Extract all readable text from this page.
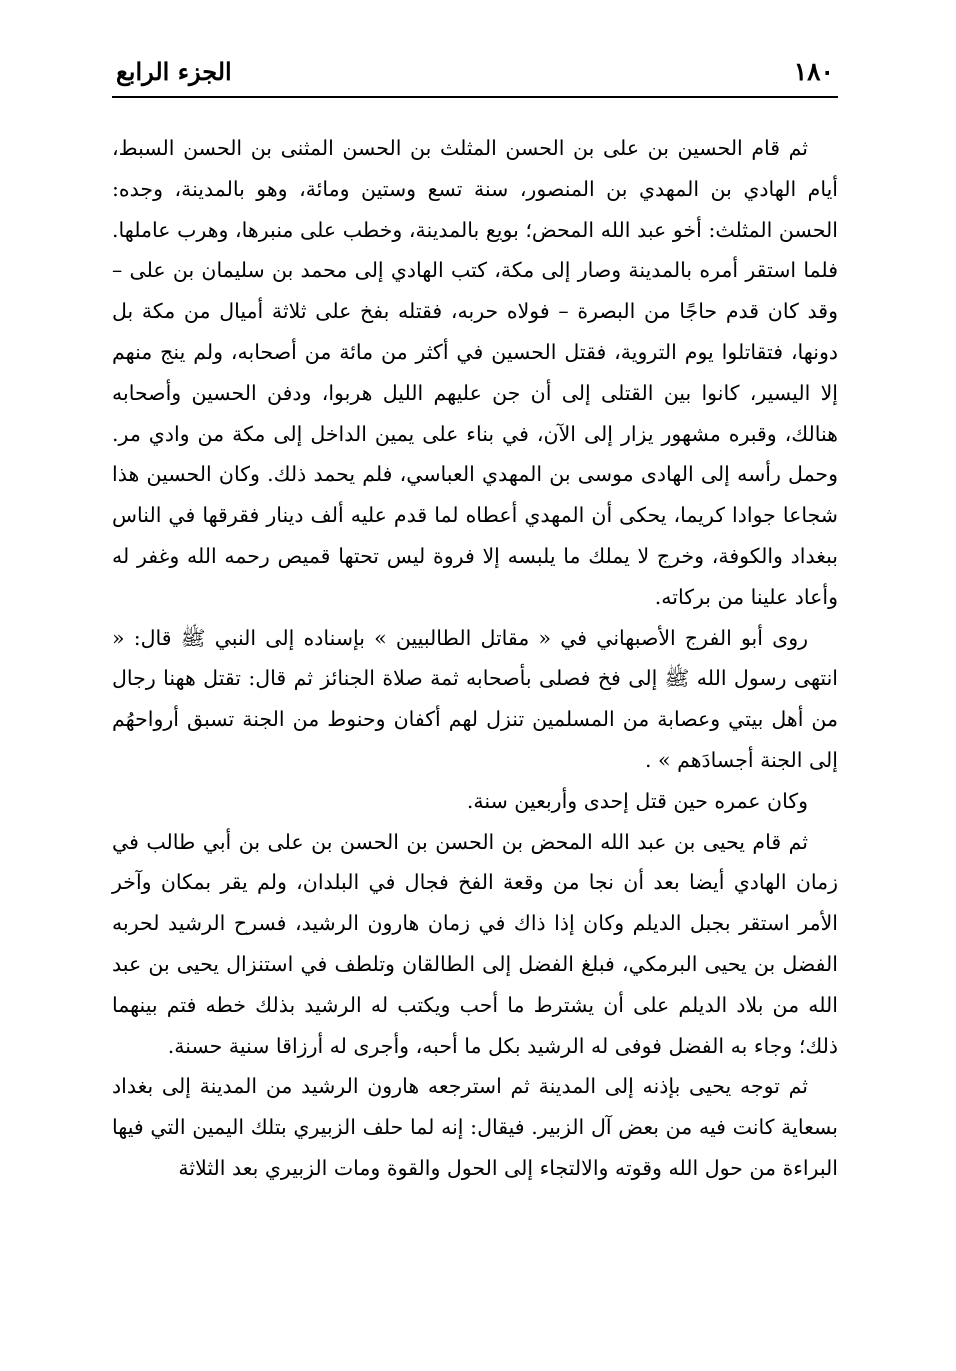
١٨٠
الجزء الرابع

ثم قام الحسين بن على بن الحسن المثلث بن الحسن المثنى بن الحسن السبط، أيام الهادي بن المهدي بن المنصور، سنة تسع وستين ومائة، وهو بالمدينة، وجده: الحسن المثلث: أخو عبد الله المحض؛ بويع بالمدينة، وخطب على منبرها، وهرب عاملها. فلما استقر أمره بالمدينة وصار إلى مكة، كتب الهادي إلى محمد بن سليمان بن على – وقد كان قدم حاجًا من البصرة – فولاه حربه، فقتله بفخ على ثلاثة أميال من مكة بل دونها، فتقاتلوا يوم التروية، فقتل الحسين في أكثر من مائة من أصحابه، ولم ينج منهم إلا اليسير، كانوا بين القتلى إلى أن جن عليهم الليل هربوا، ودفن الحسين وأصحابه هنالك، وقبره مشهور يزار إلى الآن، في بناء على يمين الداخل إلى مكة من وادي مر. وحمل رأسه إلى الهادى موسى بن المهدي العباسي، فلم يحمد ذلك. وكان الحسين هذا شجاعا جوادا كريما، يحكى أن المهدي أعطاه لما قدم عليه ألف دينار فقرقها في الناس ببغداد والكوفة، وخرج لا يملك ما يلبسه إلا فروة ليس تحتها قميص رحمه الله وغفر له وأعاد علينا من بركاته.

روى أبو الفرج الأصبهاني في « مقاتل الطالبيين » بإسناده إلى النبي ﷺ قال: « انتهى رسول الله ﷺ إلى فخ فصلى بأصحابه ثمة صلاة الجنائز ثم قال: تقتل ههنا رجال من أهل بيتي وعصابة من المسلمين تنزل لهم أكفان وحنوط من الجنة تسبق أرواحهُم إلى الجنة أجسادَهم » .

وكان عمره حين قتل إحدى وأربعين سنة.

ثم قام يحيى بن عبد الله المحض بن الحسن بن الحسن بن على بن أبي طالب في زمان الهادي أيضا بعد أن نجا من وقعة الفخ فجال في البلدان، ولم يقر بمكان وآخر الأمر استقر بجبل الديلم وكان إذا ذاك في زمان هارون الرشيد، فسرح الرشيد لحربه الفضل بن يحيى البرمكي، فبلغ الفضل إلى الطالقان وتلطف في استنزال يحيى بن عبد الله من بلاد الديلم على أن يشترط ما أحب ويكتب له الرشيد بذلك خطه فتم بينهما ذلك؛ وجاء به الفضل فوفى له الرشيد بكل ما أحبه، وأجرى له أرزاقا سنية حسنة.

ثم توجه يحيى بإذنه إلى المدينة ثم استرجعه هارون الرشيد من المدينة إلى بغداد بسعاية كانت فيه من بعض آل الزبير. فيقال: إنه لما حلف الزبيري بتلك اليمين التي فيها البراءة من حول الله وقوته والالتجاء إلى الحول والقوة ومات الزبيري بعد الثلاثة
